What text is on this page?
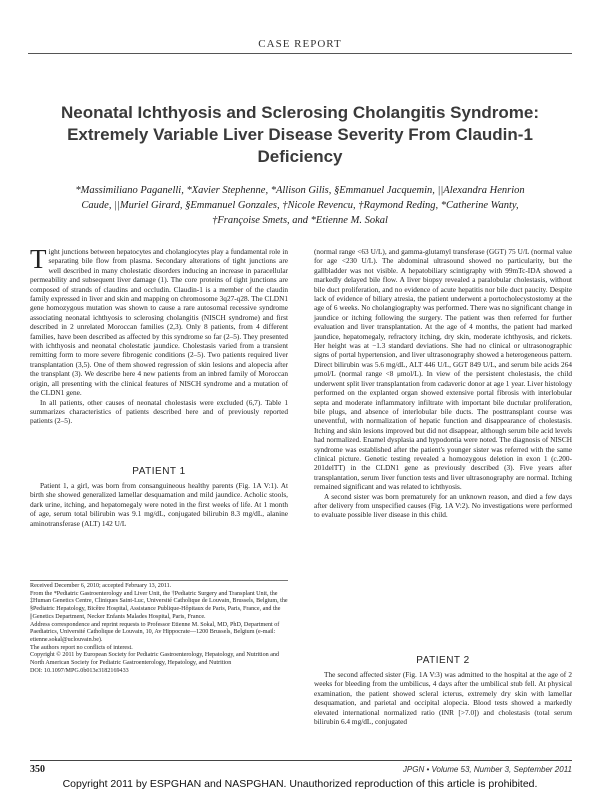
CASE REPORT
Neonatal Ichthyosis and Sclerosing Cholangitis Syndrome: Extremely Variable Liver Disease Severity From Claudin-1 Deficiency
*Massimiliano Paganelli, *Xavier Stephenne, *Allison Gilis, §Emmanuel Jacquemin, ||Alexandra Henrion Caude, ||Muriel Girard, §Emmanuel Gonzales, †Nicole Revencu, †Raymond Reding, *Catherine Wanty, †Françoise Smets, and *Etienne M. Sokal

Tight junctions between hepatocytes and cholangiocytes play a fundamental role in separating bile flow from plasma. Secondary alterations of tight junctions are well described in many cholestatic disorders inducing an increase in paracellular permeability and subsequent liver damage (1). The core proteins of tight junctions are composed of strands of claudins and occludin. Claudin-1 is a member of the claudin family expressed in liver and skin and mapping on chromosome 3q27-q28. The CLDN1 gene homozygous mutation was shown to cause a rare autosomal recessive syndrome associating neonatal ichthyosis to sclerosing cholangitis (NISCH syndrome) and first described in 2 unrelated Moroccan families (2,3). Only 8 patients, from 4 different families, have been described as affected by this syndrome so far (2–5). They presented with ichthyosis and neonatal cholestatic jaundice. Cholestasis varied from a transient remitting form to more severe fibrogenic conditions (2–5). Two patients required liver transplantation (3,5). One of them showed regression of skin lesions and alopecia after the transplant (3). We describe here 4 new patients from an inbred family of Moroccan origin, all presenting with the clinical features of NISCH syndrome and a mutation of the CLDN1 gene.

In all patients, other causes of neonatal cholestasis were excluded (6,7). Table 1 summarizes characteristics of patients described here and of previously reported patients (2–5).

PATIENT 1

Patient 1, a girl, was born from consanguineous healthy parents (Fig. 1A V:1). At birth she showed generalized lamellar desquamation and mild jaundice. Acholic stools, dark urine, itching, and hepatomegaly were noted in the first weeks of life. At 1 month of age, serum total bilirubin was 9.1 mg/dL, conjugated bilirubin 8.3 mg/dL, alanine aminotransferase (ALT) 142 U/L

Received December 6, 2010; accepted February 13, 2011.
From the *Pediatric Gastroenterology and Liver Unit, the †Pediatric Surgery and Transplant Unit, the ‡Human Genetics Centre, Cliniques Saint-Luc, Université Catholique de Louvain, Brussels, Belgium, the §Pediatric Hepatology, Bicêtre Hospital, Assistance Publique-Hôpitaux de Paris, Paris, France, and the ||Genetics Department, Necker Enfants Malades Hospital, Paris, France.
Address correspondence and reprint requests to Professor Etienne M. Sokal, MD, PhD, Department of Paediatrics, Université Catholique de Louvain, 10, Av Hippocrate—1200 Brussels, Belgium (e-mail: etienne.sokal@uclouvain.be).
The authors report no conflicts of interest.
Copyright © 2011 by European Society for Pediatric Gastroenterology, Hepatology, and Nutrition and North American Society for Pediatric Gastroenterology, Hepatology, and Nutrition
DOI: 10.1097/MPG.0b013e3182169433

(normal range <63 U/L), and gamma-glutamyl transferase (GGT) 75 U/L (normal value for age <230 U/L). The abdominal ultrasound showed no particularity, but the gallbladder was not visible. A hepatobiliary scintigraphy with 99mTc-IDA showed a markedly delayed bile flow. A liver biopsy revealed a paralobular cholestasis, without bile duct proliferation, and no evidence of acute hepatitis nor bile duct paucity. Despite lack of evidence of biliary atresia, the patient underwent a portocholecystostomy at the age of 6 weeks. No cholangiography was performed. There was no significant change in jaundice or itching following the surgery. The patient was then referred for further evaluation and liver transplantation. At the age of 4 months, the patient had marked jaundice, hepatomegaly, refractory itching, dry skin, moderate ichthyosis, and rickets. Her height was at −1.3 standard deviations. She had no clinical or ultrasonographic signs of portal hypertension, and liver ultrasonography showed a heterogeneous pattern. Direct bilirubin was 5.6 mg/dL, ALT 446 U/L, GGT 849 U/L, and serum bile acids 264 μmol/L (normal range <8 μmol/L). In view of the persistent cholestasis, the child underwent split liver transplantation from cadaveric donor at age 1 year. Liver histology performed on the explanted organ showed extensive portal fibrosis with interlobular septa and moderate inflammatory infiltrate with important bile ductular proliferation, bile plugs, and absence of interlobular bile ducts. The posttransplant course was uneventful, with normalization of hepatic function and disappearance of cholestasis. Itching and skin lesions improved but did not disappear, although serum bile acid levels had normalized. Enamel dysplasia and hypodontia were noted. The diagnosis of NISCH syndrome was established after the patient's younger sister was referred with the same clinical picture. Genetic testing revealed a homozygous deletion in exon 1 (c.200-201delTT) in the CLDN1 gene as previously described (3). Five years after transplantation, serum liver function tests and liver ultrasonography are normal. Itching remained significant and was related to ichthyosis.

A second sister was born prematurely for an unknown reason, and died a few days after delivery from unspecified causes (Fig. 1A V:2). No investigations were performed to evaluate possible liver disease in this child.

PATIENT 2

The second affected sister (Fig. 1A V:3) was admitted to the hospital at the age of 2 weeks for bleeding from the umbilicus, 4 days after the umbilical stub fell. At physical examination, the patient showed scleral icterus, extremely dry skin with lamellar desquamation, and parietal and occipital alopecia. Blood tests showed a markedly elevated international normalized ratio (INR [>7.0]) and cholestasis (total serum bilirubin 6.4 mg/dL, conjugated

350	JPGN • Volume 53, Number 3, September 2011
Copyright 2011 by ESPGHAN and NASPGHAN. Unauthorized reproduction of this article is prohibited.
